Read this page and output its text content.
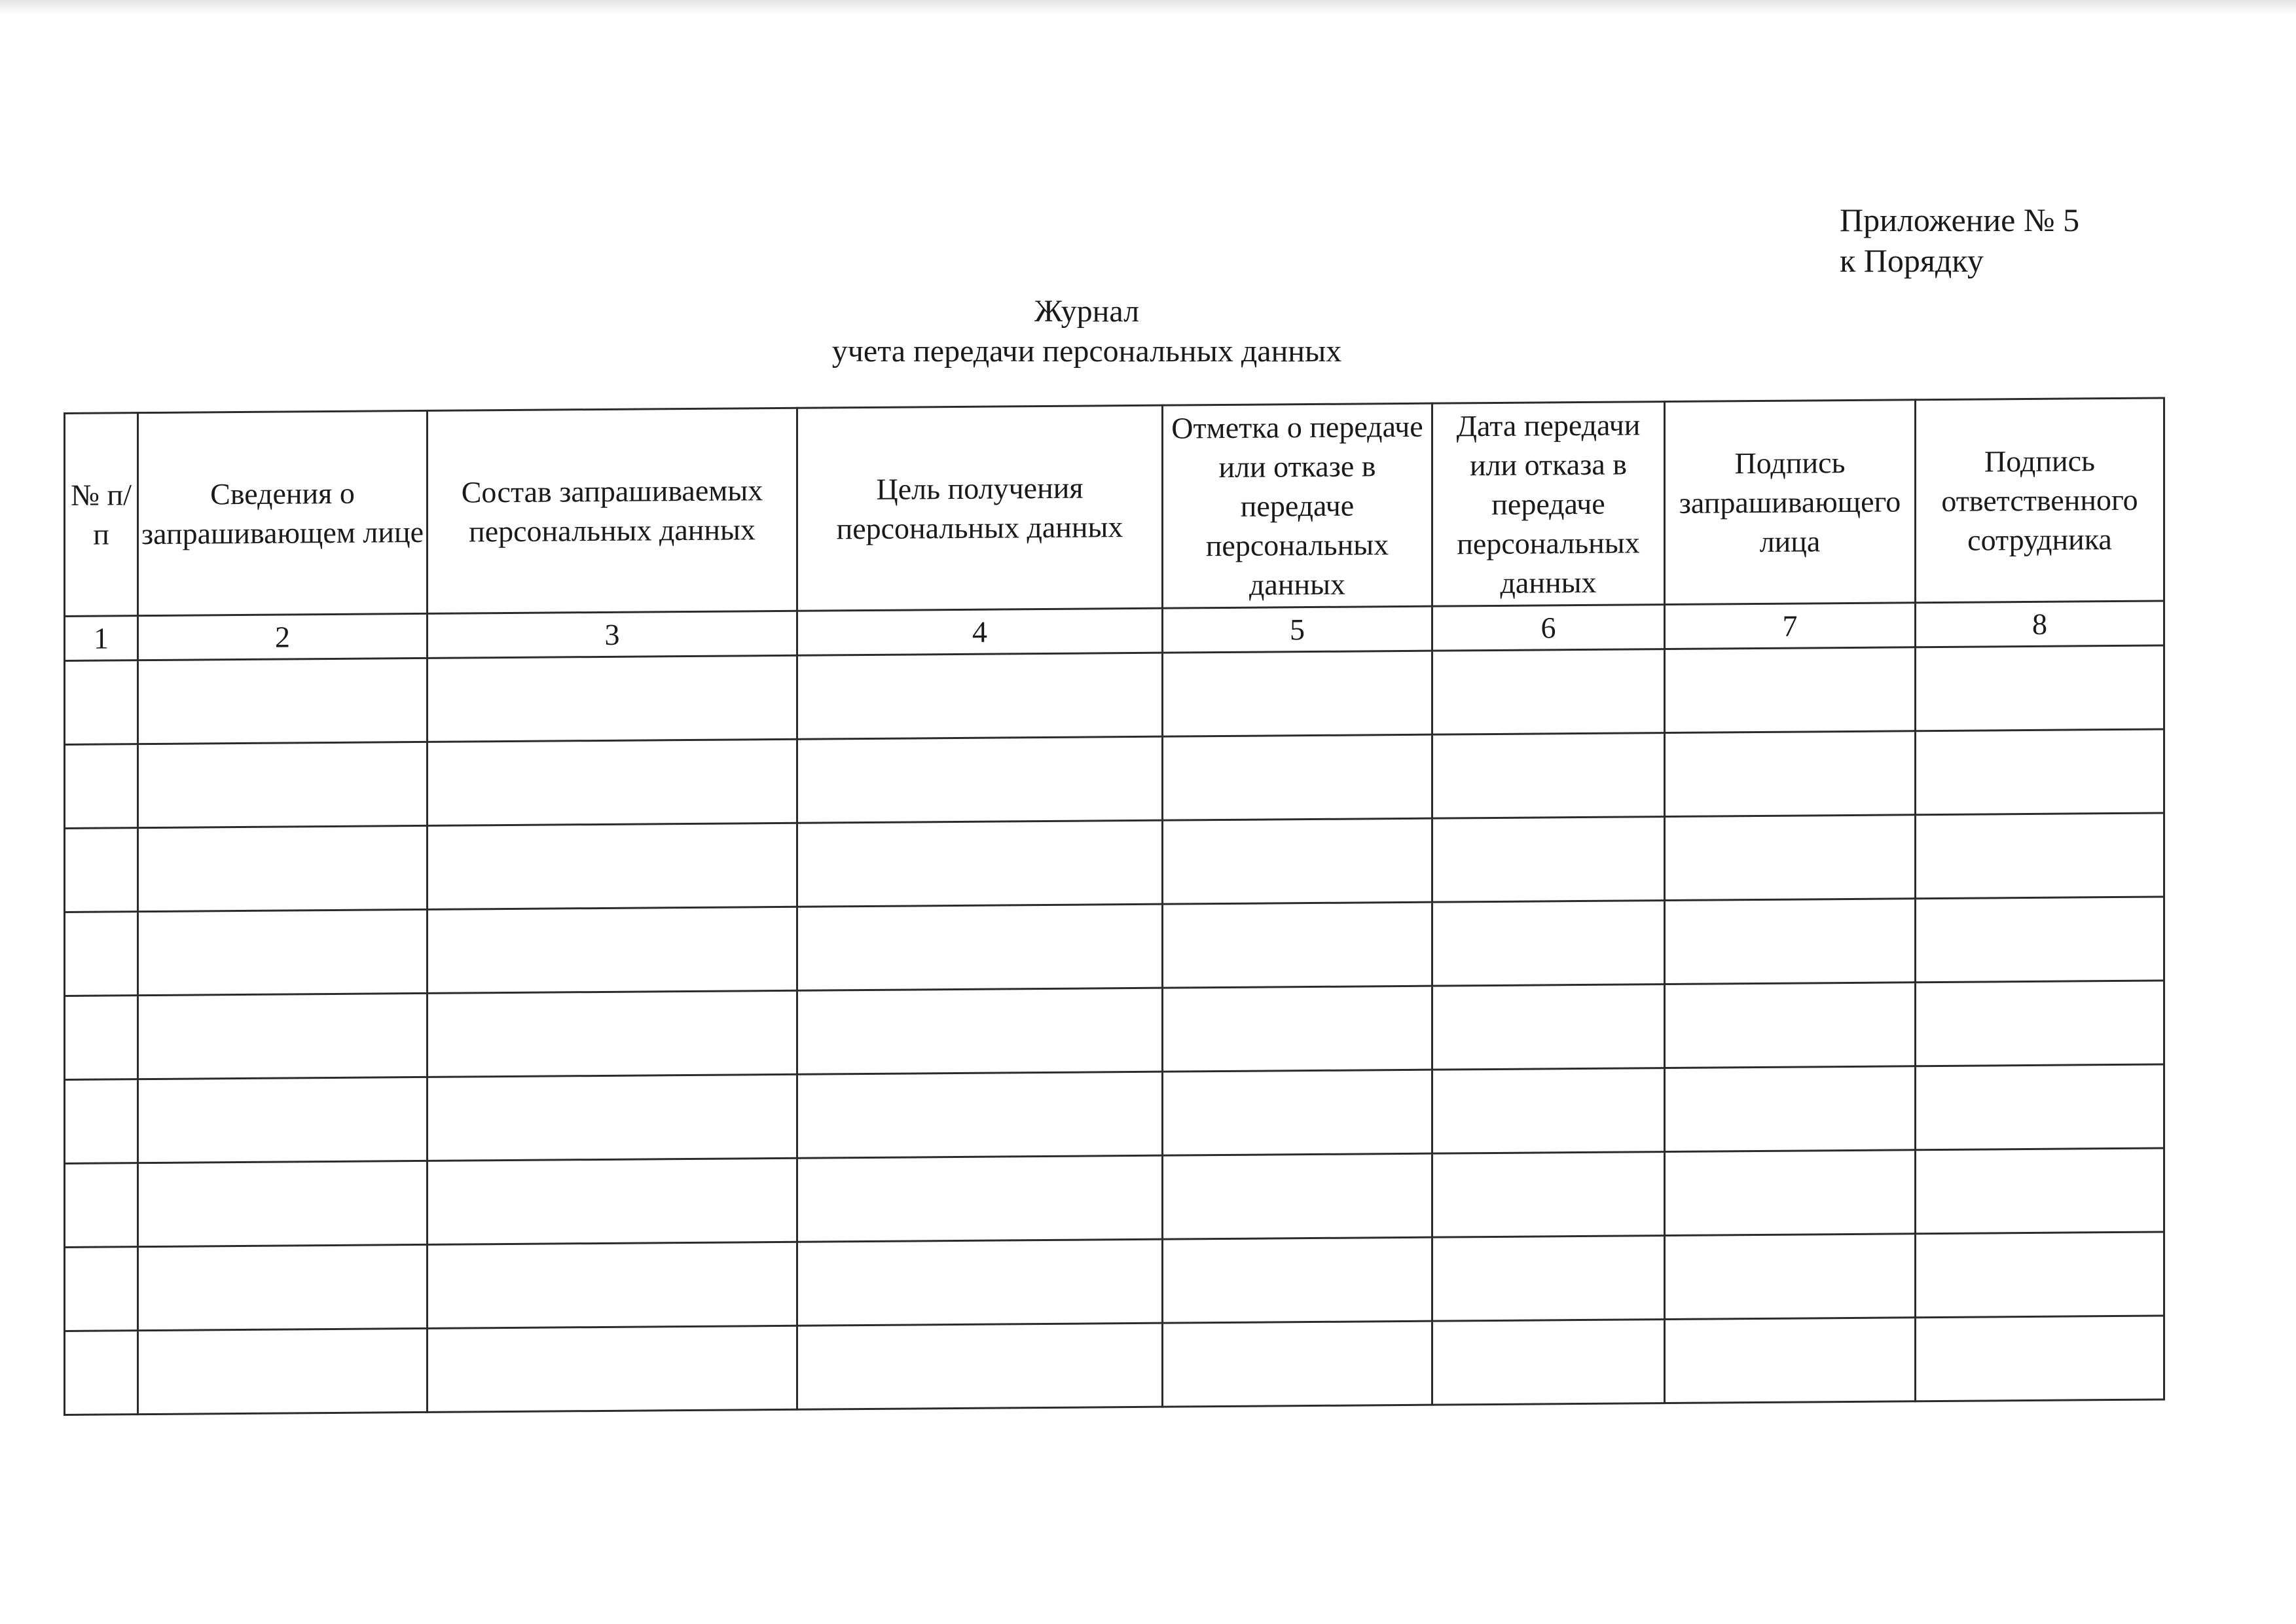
Приложение № 5
к Порядку
Журнал
учета передачи персональных данных
№ п/п	Сведения о запрашивающем лице	Состав запрашиваемых персональных данных	Цель получения персональных данных	Отметка о передаче или отказе в передаче персональных данных	Дата передачи или отказа в передаче персональных данных	Подпись запрашивающего лица	Подпись ответственного сотрудника
1	2	3	4	5	6	7	8
